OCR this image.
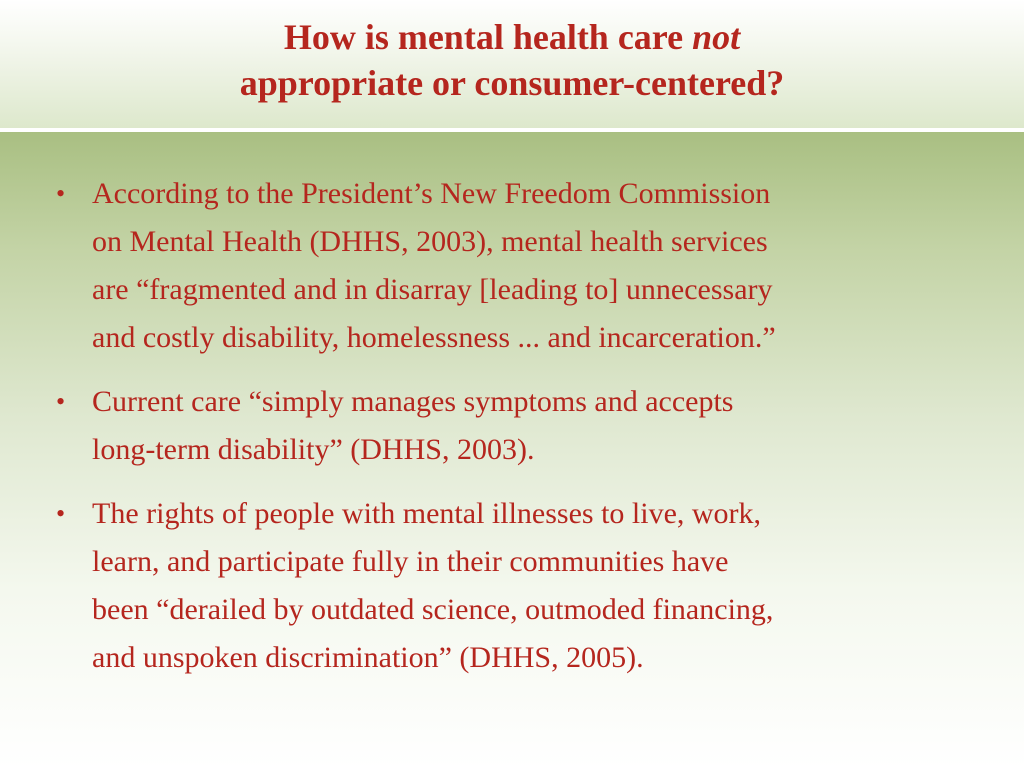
How is mental health care not
appropriate or consumer-centered?
• According to the President’s New Freedom Commission
on Mental Health (DHHS, 2003), mental health services
are “fragmented and in disarray [leading to] unnecessary
and costly disability, homelessness ... and incarceration.”
• Current care “simply manages symptoms and accepts
long-term disability” (DHHS, 2003).
• The rights of people with mental illnesses to live, work,
learn, and participate fully in their communities have
been “derailed by outdated science, outmoded financing,
and unspoken discrimination” (DHHS, 2005).
